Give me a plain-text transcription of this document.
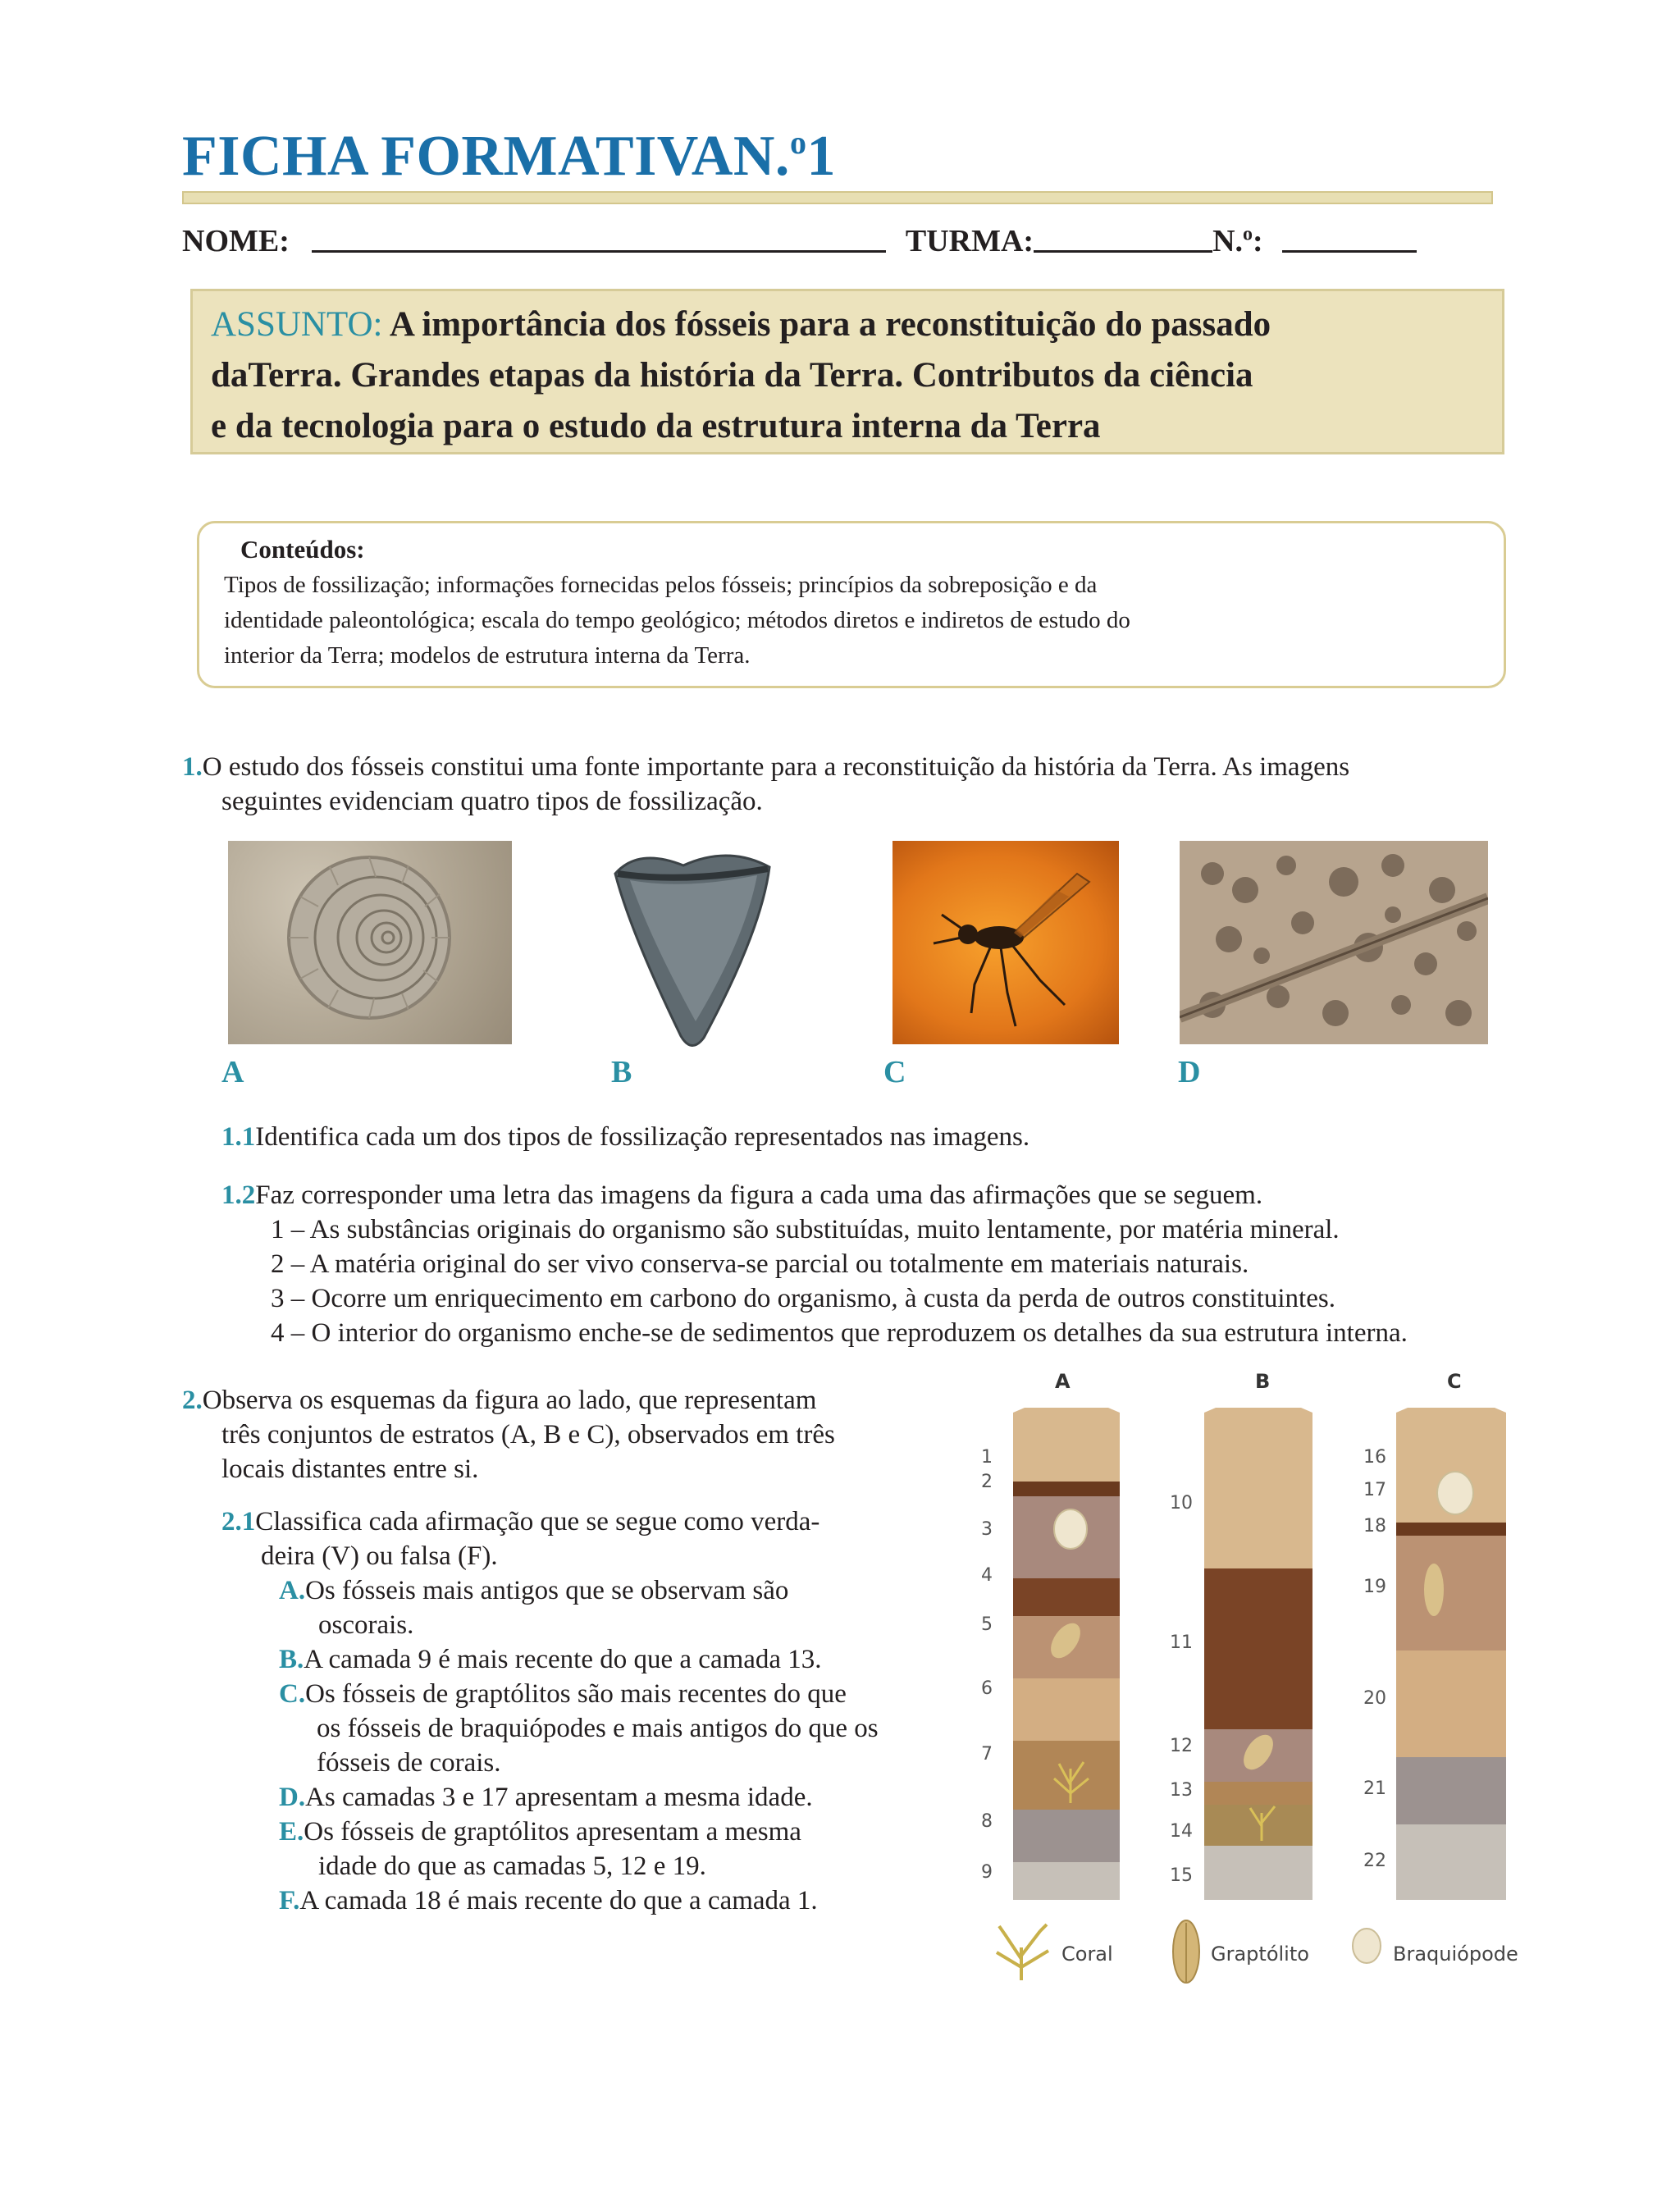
FICHA FORMATIVAN.$^o$1
NOME:	TURMA:	N.$^o$:

ASSUNTO: A importância dos fósseis para a reconstituição do passado

daTerra. Grandes etapas da história da Terra. Contributos da ciência

e da tecnologia para o estudo da estrutura interna da Terra

Conteúdos:

Tipos de fossilização; informações fornecidas pelos fósseis; princípios da sobreposição e da
identidade paleontológica; escala do tempo geológico; métodos diretos e indiretos de estudo do
interior da Terra; modelos de estrutura interna da Terra.

1.O estudo dos fósseis constitui uma fonte importante para a reconstituição da história da Terra. As imagens
seguintes evidenciam quatro tipos de fossilização.
A	B	C	D
1.1Identifica cada um dos tipos de fossilização representados nas imagens.
1.2Faz corresponder uma letra das imagens da figura a cada uma das afirmações que se seguem.
1 – As substâncias originais do organismo são substituídas, muito lentamente, por matéria mineral.
2 – A matéria original do ser vivo conserva-se parcial ou totalmente em materiais naturais.
3 – Ocorre um enriquecimento em carbono do organismo, à custa da perda de outros constituintes.
4 – O interior do organismo enche-se de sedimentos que reproduzem os detalhes da sua estrutura interna.
2.Observa os esquemas da figura ao lado, que representam
três conjuntos de estratos (A, B e C), observados em três
locais distantes entre si.
2.1Classifica cada afirmação que se segue como verda-
deira (V) ou falsa (F).
A.Os fósseis mais antigos que se observam são
oscorais.
B.A camada 9 é mais recente do que a camada 13.
C.Os fósseis de graptólitos são mais recentes do que
os fósseis de braquiópodes e mais antigos do que os
fósseis de corais.
D.As camadas 3 e 17 apresentam a mesma idade.
E.Os fósseis de graptólitos apresentam a mesma
idade do que as camadas 5, 12 e 19.
F.A camada 18 é mais recente do que a camada 1.
A	B	C
1
2
3
4
5
6
7
8
9
10
11
12
13
14
15
16
17
18
19
20
21
22
Coral	Graptólito	Braquiópode
